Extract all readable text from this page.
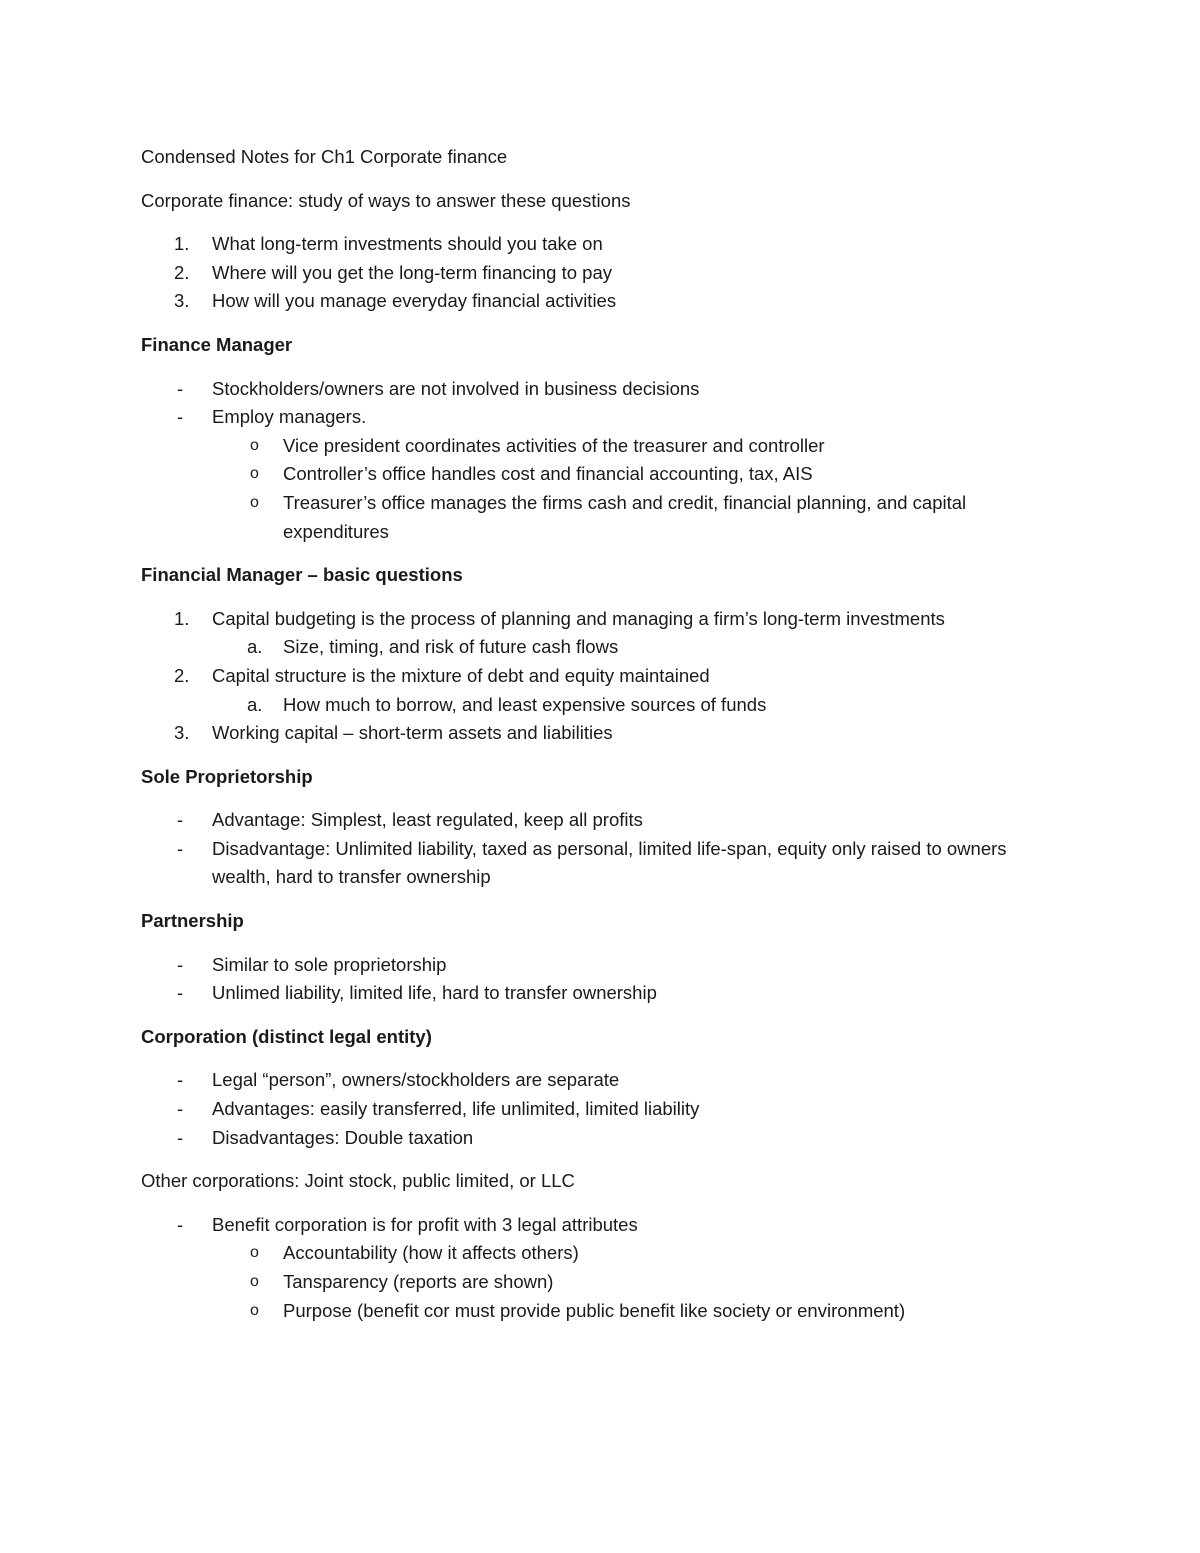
Condensed Notes for Ch1 Corporate finance

Corporate finance: study of ways to answer these questions

1.	What long-term investments should you take on
2.	Where will you get the long-term financing to pay
3.	How will you manage everyday financial activities

Finance Manager

-	Stockholders/owners are not involved in business decisions
-	Employ managers.
o	Vice president coordinates activities of the treasurer and controller
o	Controller’s office handles cost and financial accounting, tax, AIS
o	Treasurer’s office manages the firms cash and credit, financial planning, and capital expenditures

Financial Manager – basic questions

1.	Capital budgeting is the process of planning and managing a firm’s long-term investments
a.	Size, timing, and risk of future cash flows
2.	Capital structure is the mixture of debt and equity maintained
a.	How much to borrow, and least expensive sources of funds
3.	Working capital – short-term assets and liabilities

Sole Proprietorship

-	Advantage: Simplest, least regulated, keep all profits
-	Disadvantage: Unlimited liability, taxed as personal, limited life-span, equity only raised to owners wealth, hard to transfer ownership

Partnership

-	Similar to sole proprietorship
-	Unlimed liability, limited life, hard to transfer ownership

Corporation (distinct legal entity)

-	Legal “person”, owners/stockholders are separate
-	Advantages: easily transferred, life unlimited, limited liability
-	Disadvantages: Double taxation

Other corporations: Joint stock, public limited, or LLC

-	Benefit corporation is for profit with 3 legal attributes
o	Accountability (how it affects others)
o	Tansparency (reports are shown)
o	Purpose (benefit cor must provide public benefit like society or environment)
